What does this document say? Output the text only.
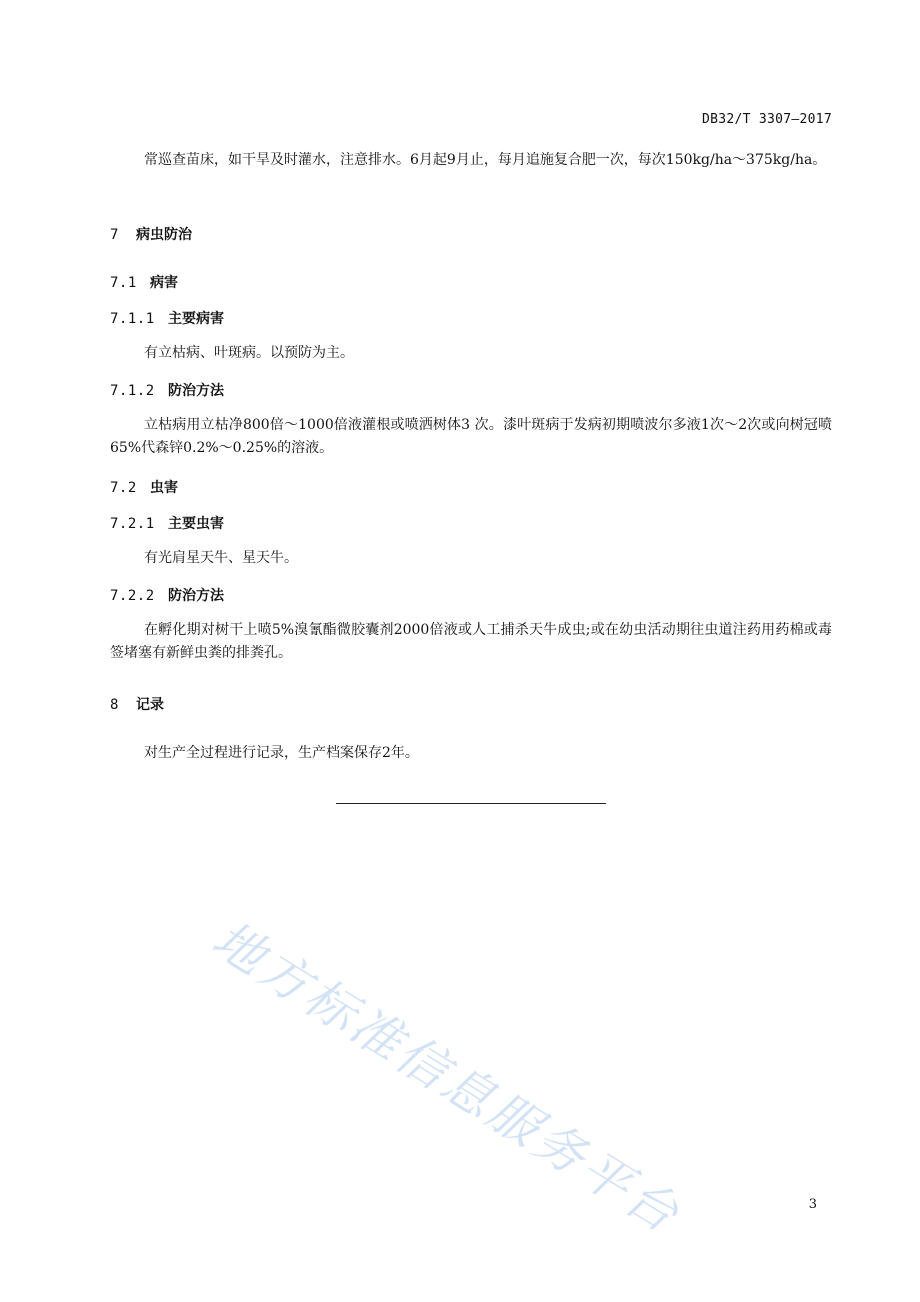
DB32/T 3307—2017

常巡查苗床，如干旱及时灌水，注意排水。6月起9月止，每月追施复合肥一次，每次150kg/ha～375kg/ha。

7 病虫防治
7.1 病害
7.1.1 主要病害

有立枯病、叶斑病。以预防为主。

7.1.2 防治方法

立枯病用立枯净800倍～1000倍液灌根或喷洒树体3 次。漆叶斑病于发病初期喷波尔多液1次～2次或向树冠喷65%代森锌0.2%～0.25%的溶液。

7.2 虫害
7.2.1 主要虫害

有光肩星天牛、星天牛。

7.2.2 防治方法

在孵化期对树干上喷5%溴氰酯微胶囊剂2000倍液或人工捕杀天牛成虫;或在幼虫活动期往虫道注药用药棉或毒签堵塞有新鲜虫粪的排粪孔。

8 记录

对生产全过程进行记录，生产档案保存2年。

地方标准信息服务平台	3
